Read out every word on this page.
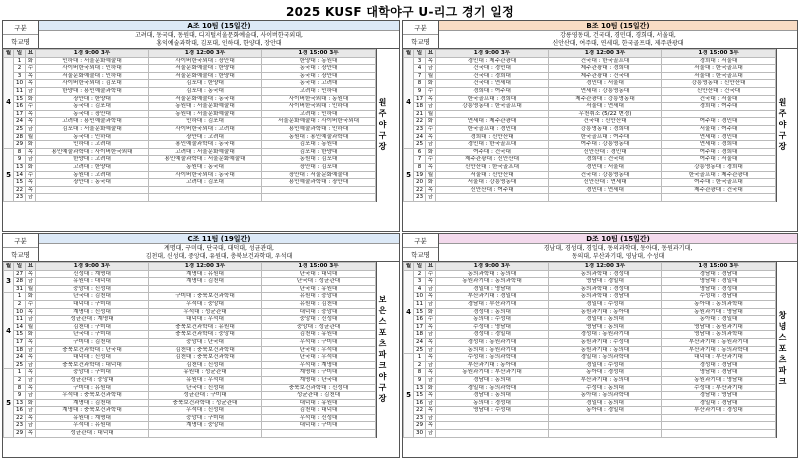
2025 KUSF 대학야구 U-리그 경기 일정
구분
학교명
A조 10팀 (15일간)
고려대, 동국대, 동원대, 디지털서울문화예술대, 사이버한국외대,
홍익예술과학대, 김포대, 인하대, 한양대, 장안대
월	일	요	1경 9:00 3루	1경 12:00 3루	1경 15:00 3루
4	1	화	인하대 : 서울문화예술대	사이버한국외대 : 장안대	한양대 : 동원대
	2	수	사이버한국외대 : 인하대	서울문화예술대 : 한양대	동국대 : 장안대
	3	목	서울문화예술대 : 인하대	서울문화예술대 : 한양대	동국대 : 장안대
	10	목	사이버한국외대 : 김포대	김포대 : 한양대	동국대 : 고려대
	11	금	한양대 : 용인예술과학대	김포대 : 동국대	고려대 : 인하대
	15	화	장안대 : 한양대	서울문화예술대 : 동국대	사이버한국외대 : 동원대
	16	수	동국대 : 김포대	동원대 : 서울문화예술대	사이버한국외대 : 인하대
	17	목	동국대 : 장안대	동원대 : 서울문화예술대	고려대 : 인하대
	24	목	고려대 : 용인예술과학대	인하대 : 김포대	서울문화예술대 : 사이버한국외대
	25	금	김포대 : 서울문화예술대	사이버한국외대 : 고려대	용인예술과학대 : 인하대
	28	월	동국대 : 인하대	장안대 : 고려대	동원대 : 용인예술과학대
	29	화	인하대 : 고려대	용인예술과학대 : 동국대	김포대 : 동원대
5	8	목	용인예술과학대 : 사이버한국외대	고려대 : 서울문화예술대	김포대 : 한양대
	9	금	한양대 : 고려대	용인예술과학대 : 서울문화예술대	동원대 : 김포대
	13	화	고려대 : 한양대	동원대 : 동국대	장안대 : 김포대
	14	수	동원대 : 고려대	사이버한국외대 : 동국대	장안대 : 서울문화예술대
	15	목	장안대 : 동국대	고려대 : 김포대	용인예술과학대 : 장안대
	22	목			
	23	금			
원주야구장
구분
학교명
B조 10팀 (15일간)
강릉영동대, 건국대, 경민대, 경희대, 서울대,
신안산대, 여주대, 연세대, 한국골프대, 제주관광대
월	일	요	1경 9:00 3루	1경 12:00 3루	1경 15:00 3루
4	3	목	경민대 : 제주관광대	건국대 : 한국골프대	경희대 : 서울대
	4	금	건국대 : 경민대	제주관광대 : 경희대	서울대 : 한국골프대
	7	월	건국대 : 경희대	제주관광대 : 건국대	서울대 : 한국골프대
	8	화	건국대 : 연세대	경민대 : 서울대	강릉영동대 : 신안산대
	9	수	경희대 : 여주대	연세대 : 강릉영동대	신안산대 : 건국대
	17	목	한국골프대 : 경희대	제주관광대 : 강릉영동대	건국대 : 서울대
	18	금	강릉영동대 : 한국골프대	서울대 : 연세대	경희대 : 여주대
	21	월		우천취소 (5/22 변경)	
	22	화	연세대 : 제주관광대	건국대 : 신안산대	여주대 : 경민대
	23	수	한국골프대 : 경민대	강릉영동대 : 경희대	서울대 : 여주대
	24	목	경희대 : 신안산대	한국골프대 : 여주대	연세대 : 경민대
	25	금	경민대 : 한국골프대	여주대 : 강릉영동대	연세대 : 경희대
5	6	화	여주대 : 건국대	신안산대 : 경민대	여주대 : 경희대
	7	수	제주관광대 : 신안산대	경희대 : 건국대	여주대 : 서울대
	8	목	신안산대 : 한국골프대	경민대 : 서울대	강릉영동대 : 경희대
	19	월	서울대 : 신안산대	건국대 : 강릉영동대	한국골프대 : 제주관광대
	20	화	서울대 : 강릉영동대	신안산대 : 연세대	여주대 : 한국골프대
	22	목	신안산대 : 여주대	경민대 : 연세대	제주관광대 : 건국대
	23	금			
원주야구장
구분
학교명
C조 11팀 (19일간)
계명대, 구미대, 단국대, 대덕대, 성균관대,
김천대, 신성대, 중앙대, 유원대, 충북보건과학대, 우석대
월	일	요	1경 9:00 3루	1경 12:00 3루	1경 15:00 3루
3	27	목	신성대 : 계명대	계명대 : 유원대	단국대 : 대덕대
	28	금	유원대 : 대덕대	계명대 : 김천대	단국대 : 성균관대
	31	월	중앙대 : 신성대		단국대 : 유원대
4	1	화	단국대 : 김천대	구미대 : 충북보건과학대	유원대 : 중앙대
	2	수	대덕대 : 구미대	우석대 : 중앙대	유원대 : 김천대
	10	목	계명대 : 신성대	우석대 : 성균관대	대덕대 : 중앙대
	11	금	성균관대 : 계명대	대덕대 : 우석대	중앙대 : 신성대
	14	월	김천대 : 구미대	충북보건과학대 : 유원대	중앙대 : 성균관대
	15	화	단국대 : 구미대	충북보건과학대 : 중앙대	김천대 : 유원대
	17	목	구미대 : 김천대	중앙대 : 단국대	우석대 : 구미대
	18	금	충북보건과학대 : 단국대	김천대 : 충북보건과학대	단국대 : 우석대
	24	목	대덕대 : 신성대	김천대 : 충북보건과학대	단국대 : 우석대
	25	금	충북보건과학대 : 대덕대	김천대 : 신성대	우석대 : 계명대
5	1	목	중앙대 : 구미대	유원대 : 성균관대	계명대 : 구미대
	2	금	성균관대 : 중앙대	유원대 : 우석대	계명대 : 단국대
	8	목	구미대 : 유원대	단국대 : 신성대	충북보건과학대 : 신성대
	9	금	우석대 : 충북보건과학대	성균관대 : 구미대	성균관대 : 김천대
	13	화	계명대 : 김천대	충북보건과학대 : 성균관대	대덕대 : 유원대
	16	금	계명대 : 충북보건과학대	우석대 : 신성대	김천대 : 대덕대
	22	목	유원대 : 계명대	중앙대 : 구미대	우석대 : 신성대
	23	금	우석대 : 유원대	계명대 : 중앙대	대덕대 : 구미대
	29	목	성균관대 : 대덕대		
보은스포츠파크야구장
구분
학교명
D조 10팀 (15일간)
경남대, 경성대, 경일대, 동의과학대, 동아대, 동원과기대,
동의대, 부산과기대, 영남대, 수성대
월	일	요	1경 9:00 3루	1경 12:00 3루	1경 15:00 3루
4	2	수	동의과학대 : 동의대	동의과학대 : 경성대	경남대 : 경남대
	3	목	동원과기대 : 동의과학대	영남대 : 경일대	영남대 : 경일대
	4	금	경일대 : 영남대	동의과학대 : 경성대	영남대 : 경성대
	10	목	부산과기대 : 경일대	동의과학대 : 경남대	수성대 : 경남대
	11	금	경남대 : 부산과기대	경일대 : 수성대	동아대 : 동의과학대
	15	화	경성대 : 동의대	동원과기대 : 동아대	동원과기대 : 영남대
	16	수	동의대 : 수성대	경일대 : 동의대	동아대 : 경일대
	17	목	수성대 : 영남대	영남대 : 동의대	영남대 : 동원과기대
	18	금	경성대 : 경일대	경성대 : 동원과기대	영남대 : 동의과학대
	24	목	경성대 : 동원과기대	동원과기대 : 수성대	부산과기대 : 동원과기대
	25	금	동의대 : 동원과기대	동원과기대 : 동의대	부산과기대 : 동의과학대
5	1	목	수성대 : 동의과학대	경일대 : 동의과학대	대덕대 : 부산과기대
	2	금	부산과기대 : 동아대	경일대 : 수성대	경성대 : 경남대
	8	목	동원과기대 : 부산과기대	동아대 : 경성대	영남대 : 경남대
	9	금	경남대 : 동의대	부산과기대 : 동의대	동원과기대 : 영남대
	13	화	경일대 : 동의과학대	수성대 : 동의대	수성대 : 부산과기대
	15	목	경남대 : 동의대	동아대 : 동의과학대	경남대 : 영남대
	16	금	동의대 : 경성대	경일대 : 동의대	경일대 : 경남대
	22	목	영남대 : 수성대	동아대 : 경일대	부산과기대 : 경성대
	23	금			
	29	목			
	30	금			
창녕스포츠파크
